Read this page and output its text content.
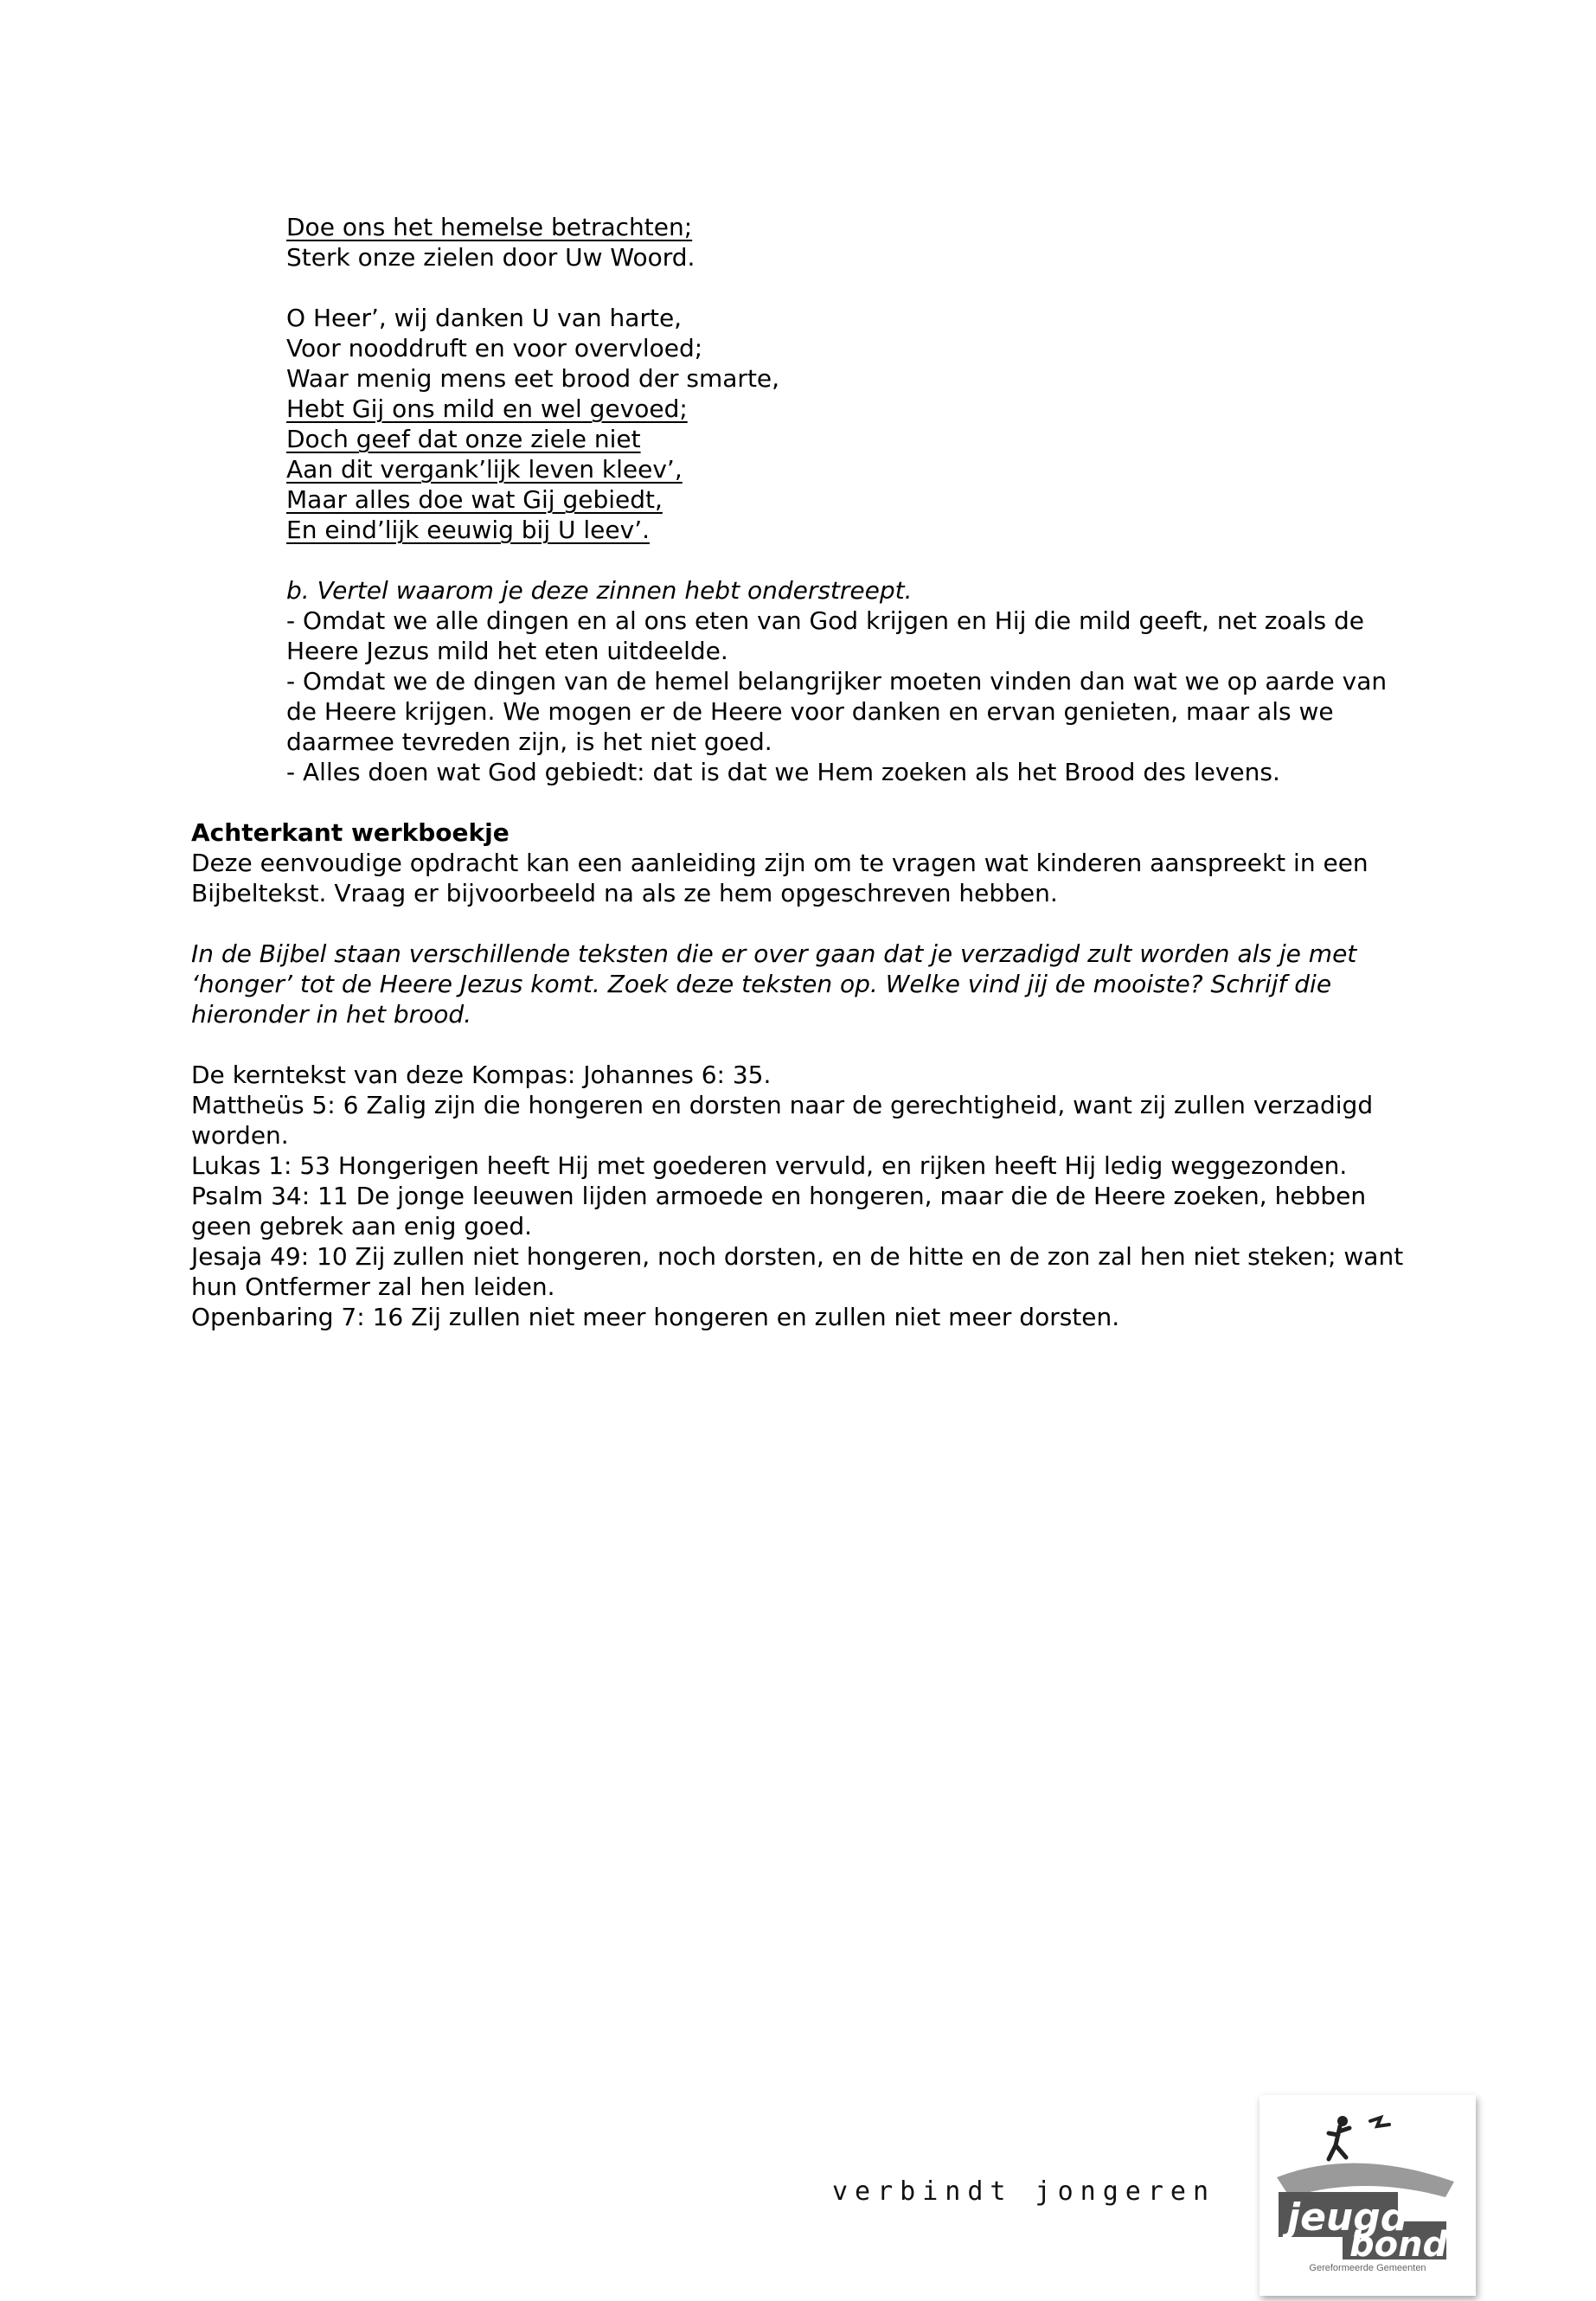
Doe ons het hemelse betrachten;
Sterk onze zielen door Uw Woord.
O Heer’, wij danken U van harte,
Voor nooddruft en voor overvloed;
Waar menig mens eet brood der smarte,
Hebt Gij ons mild en wel gevoed;
Doch geef dat onze ziele niet
Aan dit vergank’lijk leven kleev’,
Maar alles doe wat Gij gebiedt,
En eind’lijk eeuwig bij U leev’.
b. Vertel waarom je deze zinnen hebt onderstreept.
- Omdat we alle dingen en al ons eten van God krijgen en Hij die mild geeft, net zoals de Heere Jezus mild het eten uitdeelde.
- Omdat we de dingen van de hemel belangrijker moeten vinden dan wat we op aarde van de Heere krijgen. We mogen er de Heere voor danken en ervan genieten, maar als we daarmee tevreden zijn, is het niet goed.
- Alles doen wat God gebiedt: dat is dat we Hem zoeken als het Brood des levens.
Achterkant werkboekje
Deze eenvoudige opdracht kan een aanleiding zijn om te vragen wat kinderen aanspreekt in een Bijbeltekst. Vraag er bijvoorbeeld na als ze hem opgeschreven hebben.
In de Bijbel staan verschillende teksten die er over gaan dat je verzadigd zult worden als je met ‘honger’ tot de Heere Jezus komt. Zoek deze teksten op. Welke vind jij de mooiste? Schrijf die hieronder in het brood.
De kerntekst van deze Kompas: Johannes 6: 35.
Mattheüs 5: 6 Zalig zijn die hongeren en dorsten naar de gerechtigheid, want zij zullen verzadigd worden.
Lukas 1: 53 Hongerigen heeft Hij met goederen vervuld, en rijken heeft Hij ledig weggezonden.
Psalm 34: 11 De jonge leeuwen lijden armoede en hongeren, maar die de Heere zoeken, hebben geen gebrek aan enig goed.
Jesaja 49: 10 Zij zullen niet hongeren, noch dorsten, en de hitte en de zon zal hen niet steken; want hun Ontfermer zal hen leiden.
Openbaring 7: 16 Zij zullen niet meer hongeren en zullen niet meer dorsten.
verbindt jongeren
jeugd
bond
Gereformeerde Gemeenten
